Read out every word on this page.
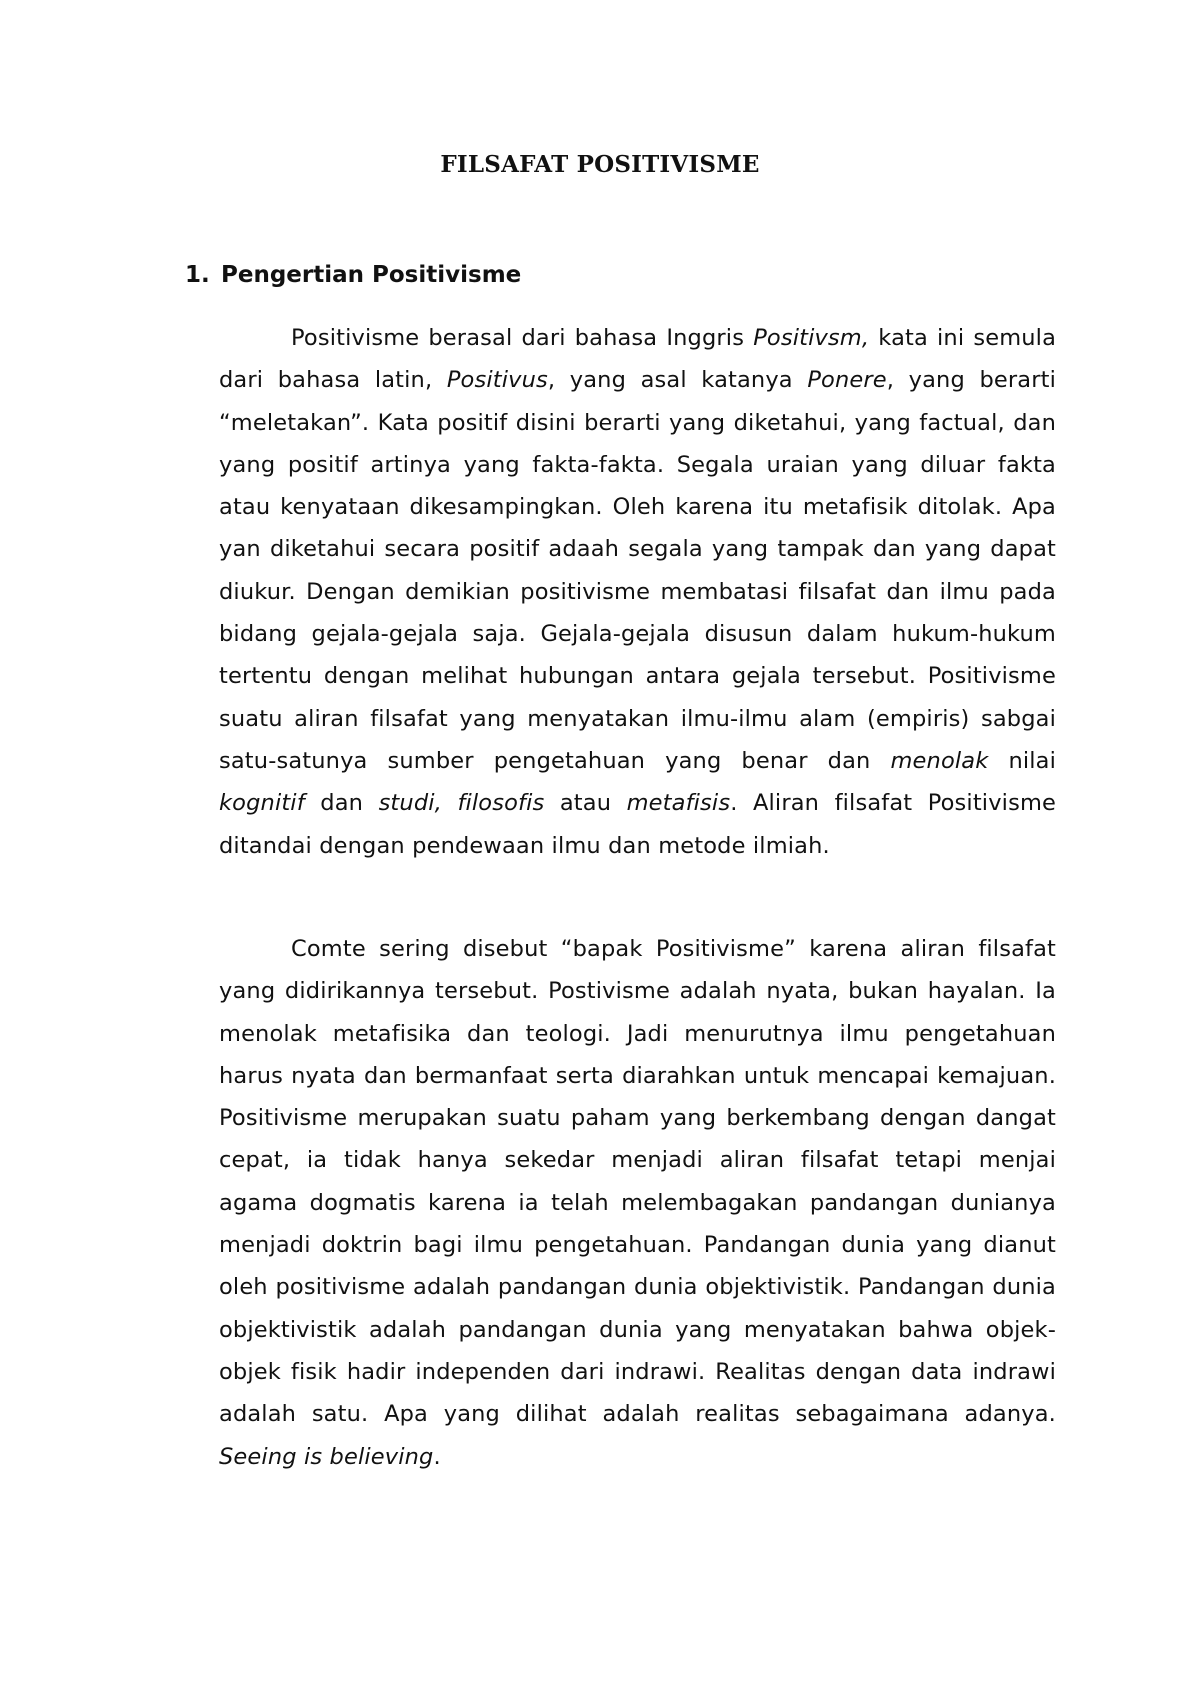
FILSAFAT POSITIVISME
1. Pengertian Positivisme

Positivisme berasal dari bahasa Inggris Positivsm, kata ini semula dari bahasa latin, Positivus, yang asal katanya Ponere, yang berarti “meletakan”. Kata positif disini berarti yang diketahui, yang factual, dan yang positif artinya yang fakta-fakta. Segala uraian yang diluar fakta atau kenyataan dikesampingkan. Oleh karena itu metafisik ditolak. Apa yan diketahui secara positif adaah segala yang tampak dan yang dapat diukur. Dengan demikian positivisme membatasi filsafat dan ilmu pada bidang gejala-gejala saja. Gejala-gejala disusun dalam hukum-hukum tertentu dengan melihat hubungan antara gejala tersebut. Positivisme suatu aliran filsafat yang menyatakan ilmu-ilmu alam (empiris) sabgai satu-satunya sumber pengetahuan yang benar dan menolak nilai kognitif dan studi, filosofis atau metafisis. Aliran filsafat Positivisme ditandai dengan pendewaan ilmu dan metode ilmiah.

Comte sering disebut “bapak Positivisme” karena aliran filsafat yang didirikannya tersebut. Postivisme adalah nyata, bukan hayalan. Ia menolak metafisika dan teologi. Jadi menurutnya ilmu pengetahuan harus nyata dan bermanfaat serta diarahkan untuk mencapai kemajuan. Positivisme merupakan suatu paham yang berkembang dengan dangat cepat, ia tidak hanya sekedar menjadi aliran filsafat tetapi menjai agama dogmatis karena ia telah melembagakan pandangan dunianya menjadi doktrin bagi ilmu pengetahuan. Pandangan dunia yang dianut oleh positivisme adalah pandangan dunia objektivistik. Pandangan dunia objektivistik adalah pandangan dunia yang menyatakan bahwa objek-objek fisik hadir independen dari indrawi. Realitas dengan data indrawi adalah satu. Apa yang dilihat adalah realitas sebagaimana adanya. Seeing is believing.
